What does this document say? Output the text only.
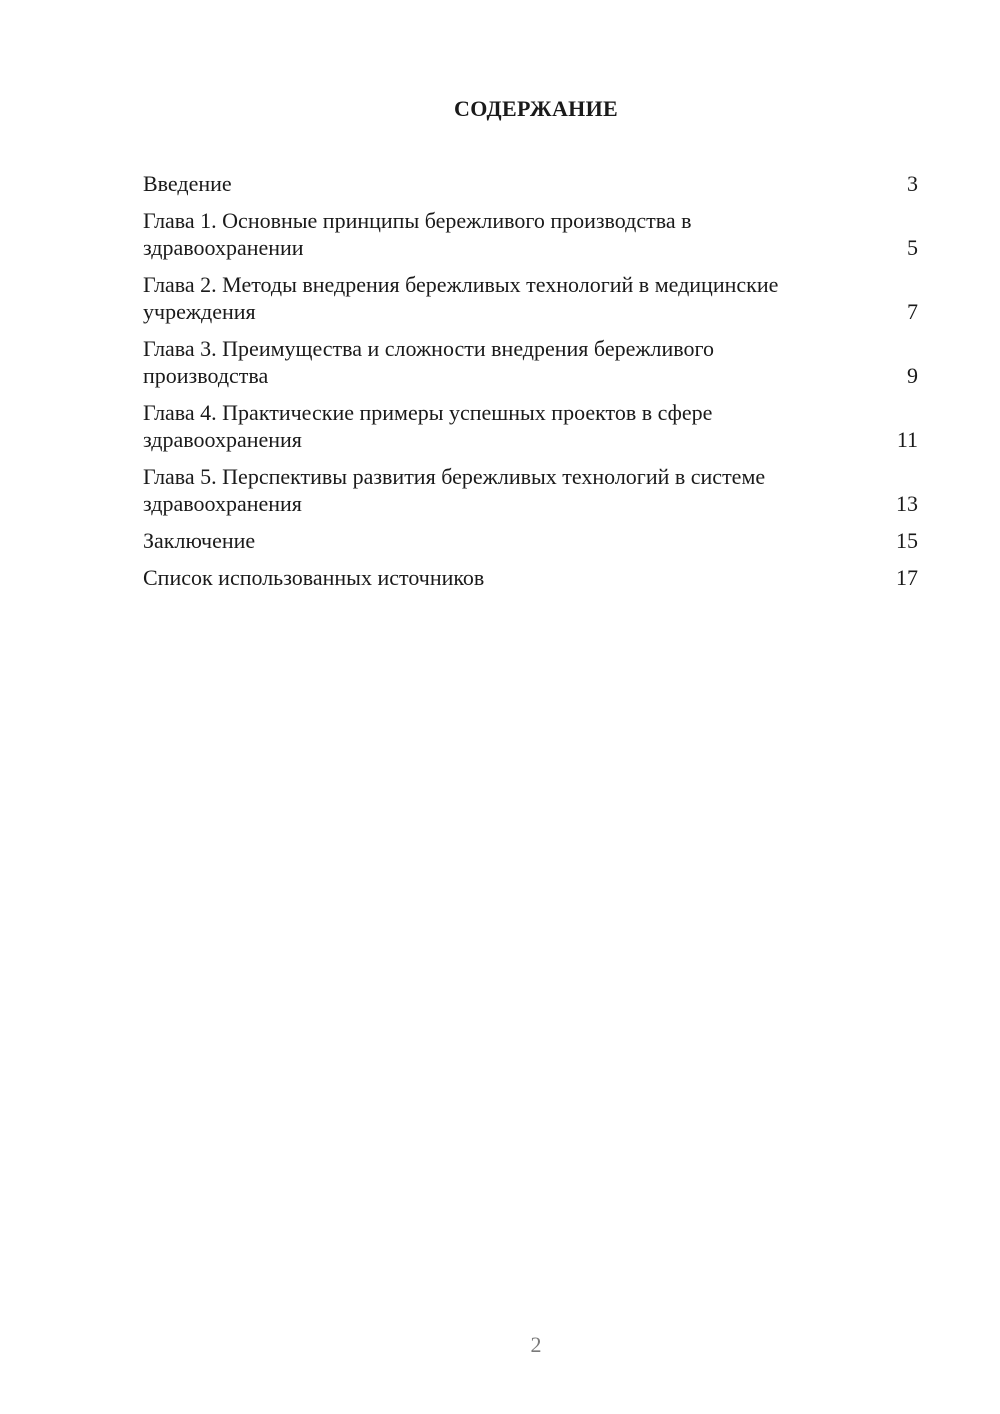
СОДЕРЖАНИЕ
Введение	3
Глава 1. Основные принципы бережливого производства в здравоохранении	5
Глава 2. Методы внедрения бережливых технологий в медицинские учреждения	7
Глава 3. Преимущества и сложности внедрения бережливого производства	9
Глава 4. Практические примеры успешных проектов в сфере здравоохранения	11
Глава 5. Перспективы развития бережливых технологий в системе здравоохранения	13
Заключение	15
Список использованных источников	17
2
